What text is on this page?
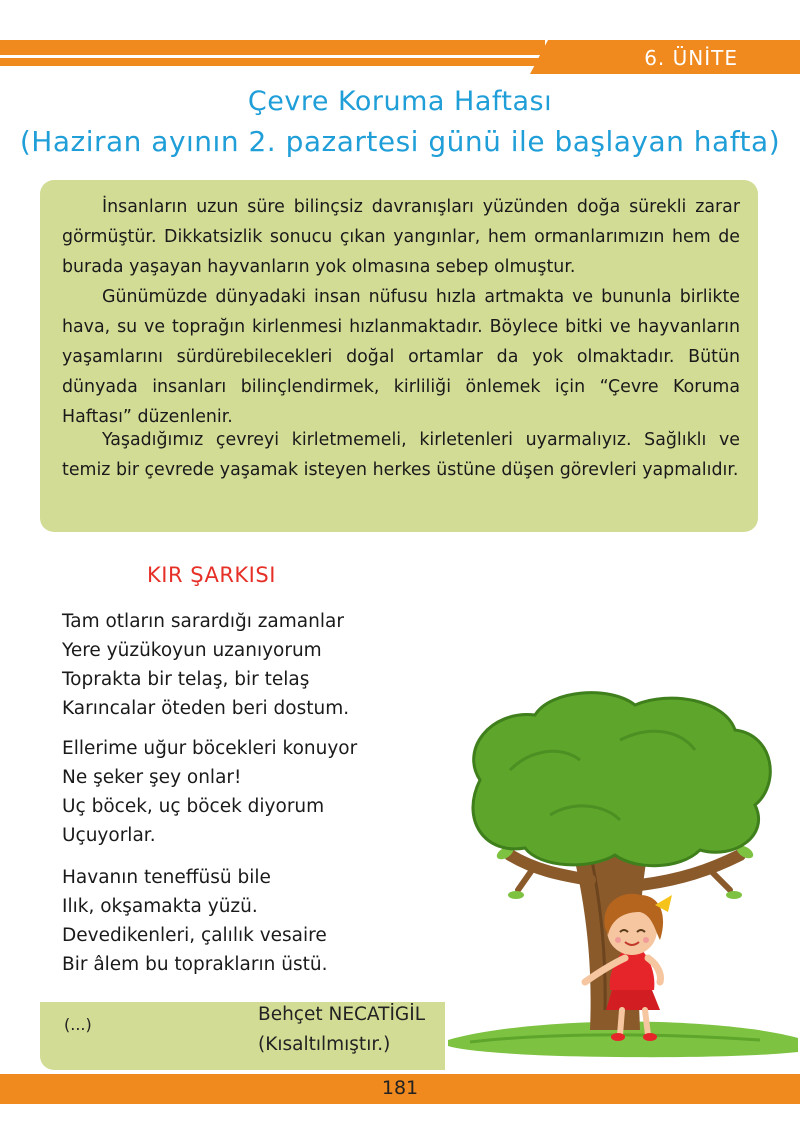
6. ÜNİTE
Çevre Koruma Haftası
(Haziran ayının 2. pazartesi günü ile başlayan hafta)

İnsanların uzun süre bilinçsiz davranışları yüzünden doğa sürekli zarar görmüştür. Dikkatsizlik sonucu çıkan yangınlar, hem ormanlarımızın hem de burada yaşayan hayvanların yok olmasına sebep olmuştur.

Günümüzde dünyadaki insan nüfusu hızla artmakta ve bununla birlikte hava, su ve toprağın kirlenmesi hızlanmaktadır. Böylece bitki ve hayvanların yaşamlarını sürdürebilecekleri doğal ortamlar da yok olmaktadır. Bütün dünyada insanları bilinçlendirmek, kirliliği önlemek için “Çevre Koruma Haftası” düzenlenir.

Yaşadığımız çevreyi kirletmemeli, kirletenleri uyarmalıyız. Sağlıklı ve temiz bir çevrede yaşamak isteyen herkes üstüne düşen görevleri yapmalıdır.

KIR ŞARKISI
Tam otların sarardığı zamanlar
Yere yüzükoyun uzanıyorum
Toprakta bir telaş, bir telaş
Karıncalar öteden beri dostum.
Ellerime uğur böcekleri konuyor
Ne şeker şey onlar!
Uç böcek, uç böcek diyorum
Uçuyorlar.
Havanın teneffüsü bile
Ilık, okşamakta yüzü.
Devedikenleri, çalılık vesaire
Bir âlem bu toprakların üstü.
(...)	Behçet NECATİGİL
(Kısaltılmıştır.)
181
